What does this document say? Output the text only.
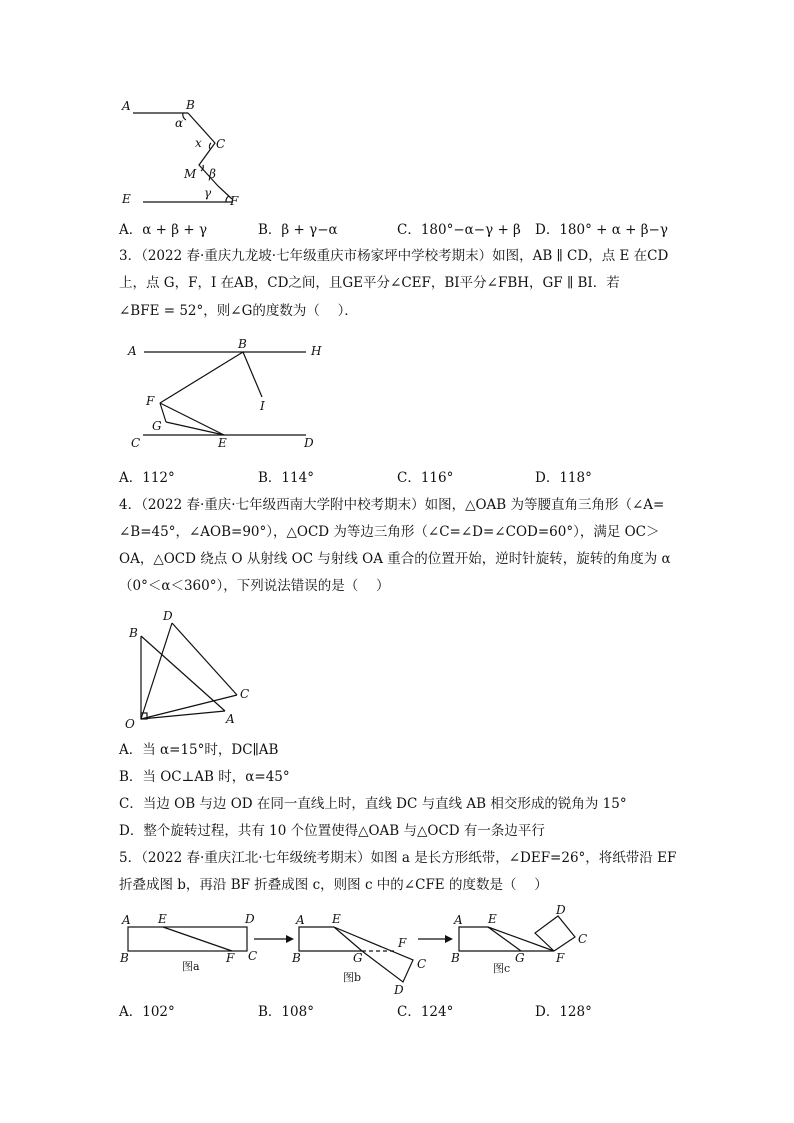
A	B
α
x C
M β
γ
E	F
A．α + β + γ	B．β + γ−α	C．180°−α−γ + β D．180° + α + β−γ
3．（2022 春·重庆九龙坡·七年级重庆市杨家坪中学校考期末）如图，AB ∥ CD，点 E 在CD
上，点 G，F，I 在AB，CD之间，且GE平分∠CEF，BI平分∠FBH，GF ∥ BI．若
∠BFE = 52°，则∠G的度数为（　 ）．
A	B	H
F	I
G
C	E	D
A．112°	B．114°	C．116°	D．118°
4．（2022 春·重庆·七年级西南大学附中校考期末）如图，△OAB 为等腰直角三角形（∠A=
∠B=45°，∠AOB=90°），△OCD 为等边三角形（∠C=∠D=∠COD=60°），满足 OC＞
OA，△OCD 绕点 O 从射线 OC 与射线 OA 重合的位置开始，逆时针旋转，旋转的角度为 α
（0°＜α＜360°），下列说法错误的是（　 ）
D
B
C
O	A
A．当 α=15°时，DC∥AB
B．当 OC⊥AB 时，α=45°
C．当边 OB 与边 OD 在同一直线上时，直线 DC 与直线 AB 相交形成的锐角为 15°
D．整个旋转过程，共有 10 个位置使得△OAB 与△OCD 有一条边平行
5．（2022 春·重庆江北·七年级统考期末）如图 a 是长方形纸带，∠DEF=26°，将纸带沿 EF
折叠成图 b，再沿 BF 折叠成图 c，则图 c 中的∠CFE 的度数是（　 ）
A E	D
B	F C
图a
A E
F
B	G	C
D
图b
A E
D
C
B	G	F
图c
A．102°	B．108°	C．124°	D．128°
